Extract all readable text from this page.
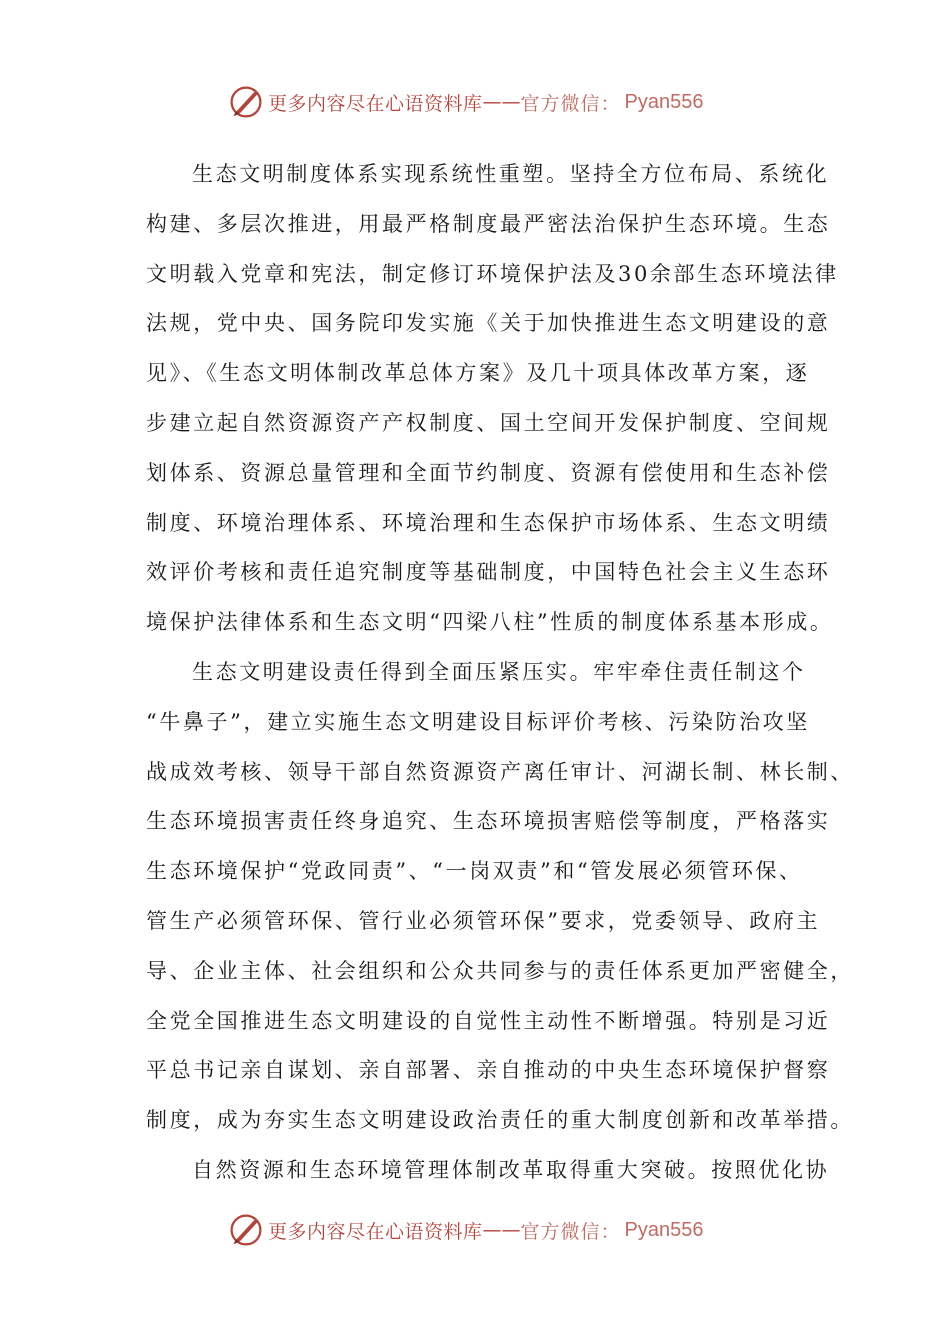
更多内容尽在心语资料库 —— 官方微信： Pyan556
生态文明制度体系实现系统性重塑。坚持全方位布局、系统化
构建、多层次推进，用最严格制度最严密法治保护生态环境。生态
文明载入党章和宪法，制定修订环境保护法及30余部生态环境法律
法规，党中央、国务院印发实施《关于加快推进生态文明建设的意
见》、《生态文明体制改革总体方案》及几十项具体改革方案，逐
步建立起自然资源资产产权制度、国土空间开发保护制度、空间规
划体系、资源总量管理和全面节约制度、资源有偿使用和生态补偿
制度、环境治理体系、环境治理和生态保护市场体系、生态文明绩
效评价考核和责任追究制度等基础制度，中国特色社会主义生态环
境保护法律体系和生态文明“四梁八柱”性质的制度体系基本形成。
生态文明建设责任得到全面压紧压实。牢牢牵住责任制这个
“牛鼻子”，建立实施生态文明建设目标评价考核、污染防治攻坚
战成效考核、领导干部自然资源资产离任审计、河湖长制、林长制、
生态环境损害责任终身追究、生态环境损害赔偿等制度，严格落实
生态环境保护“党政同责”、“一岗双责”和“管发展必须管环保、
管生产必须管环保、管行业必须管环保”要求，党委领导、政府主
导、企业主体、社会组织和公众共同参与的责任体系更加严密健全，
全党全国推进生态文明建设的自觉性主动性不断增强。特别是习近
平总书记亲自谋划、亲自部署、亲自推动的中央生态环境保护督察
制度，成为夯实生态文明建设政治责任的重大制度创新和改革举措。
自然资源和生态环境管理体制改革取得重大突破。按照优化协
更多内容尽在心语资料库 —— 官方微信： Pyan556
